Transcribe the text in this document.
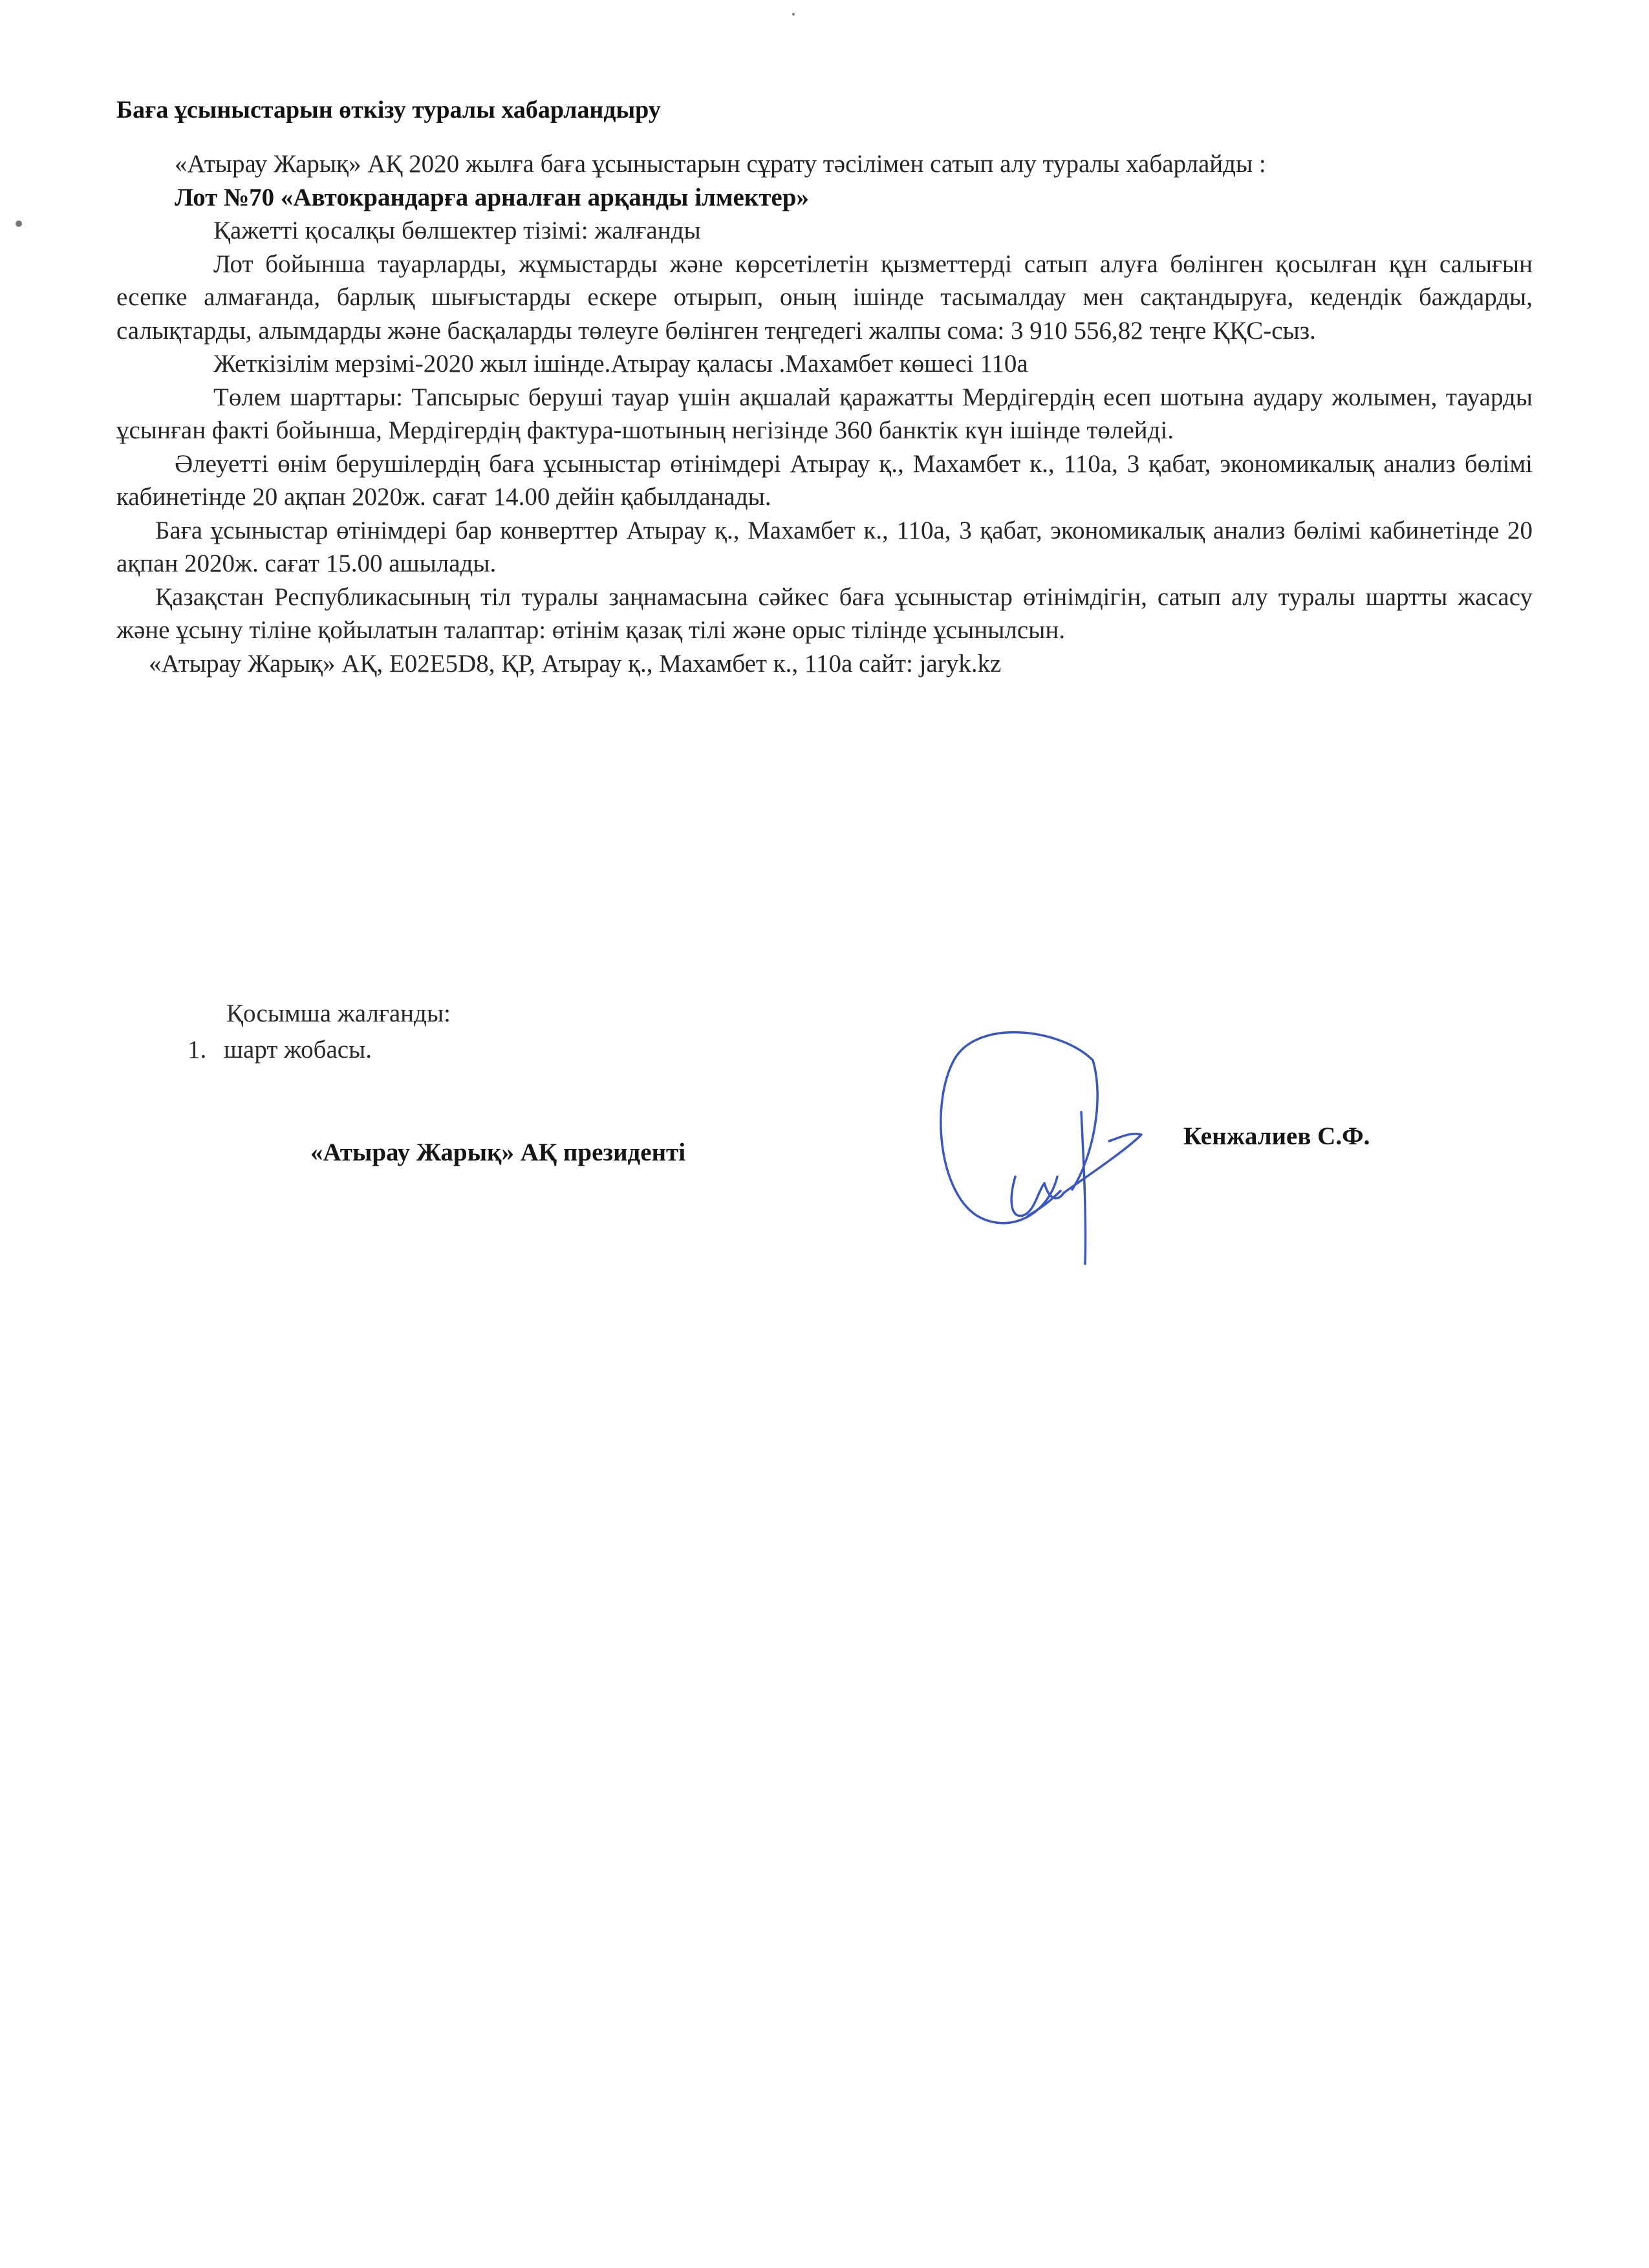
Баға ұсыныстарын өткізу туралы хабарландыру

«Атырау Жарық» АҚ 2020 жылға баға ұсыныстарын сұрату тәсілімен сатып алу туралы хабарлайды :

Лот №70 «Автокрандарға арналған арқанды ілмектер»

Қажетті қосалқы бөлшектер тізімі: жалғанды

Лот бойынша тауарларды, жұмыстарды және көрсетілетін қызметтерді сатып алуға бөлінген қосылған құн салығын есепке алмағанда, барлық шығыстарды ескере отырып, оның ішінде тасымалдау мен сақтандыруға, кедендік баждарды, салықтарды, алымдарды және басқаларды төлеуге бөлінген теңгедегі жалпы сома: 3 910 556,82 теңге ҚҚС-сыз.

Жеткізілім мерзімі-2020 жыл ішінде.Атырау қаласы .Махамбет көшесі 110а

Төлем шарттары: Тапсырыс беруші тауар үшін ақшалай қаражатты Мердігердің есеп шотына аудару жолымен, тауарды ұсынған факті бойынша, Мердігердің фактура-шотының негізінде 360 банктік күн ішінде төлейді.

Әлеуетті өнім берушілердің баға ұсыныстар өтінімдері Атырау қ., Махамбет к., 110а, 3 қабат, экономикалық анализ бөлімі кабинетінде 20 ақпан 2020ж. сағат 14.00 дейін қабылданады.

Баға ұсыныстар өтінімдері бар конверттер Атырау қ., Махамбет к., 110а, 3 қабат, экономикалық анализ бөлімі кабинетінде 20 ақпан 2020ж. сағат 15.00 ашылады.

Қазақстан Республикасының тіл туралы заңнамасына сәйкес баға ұсыныстар өтінімдігін, сатып алу туралы шартты жасасу және ұсыну тіліне қойылатын талаптар: өтінім қазақ тілі және орыс тілінде ұсынылсын.

«Атырау Жарық» АҚ, Е02Е5D8, ҚР, Атырау қ., Махамбет к., 110а сайт: jaryk.kz

Қосымша жалғанды:
1. шарт жобасы.
«Атырау Жарық» АҚ президенті
Кенжалиев С.Ф.
